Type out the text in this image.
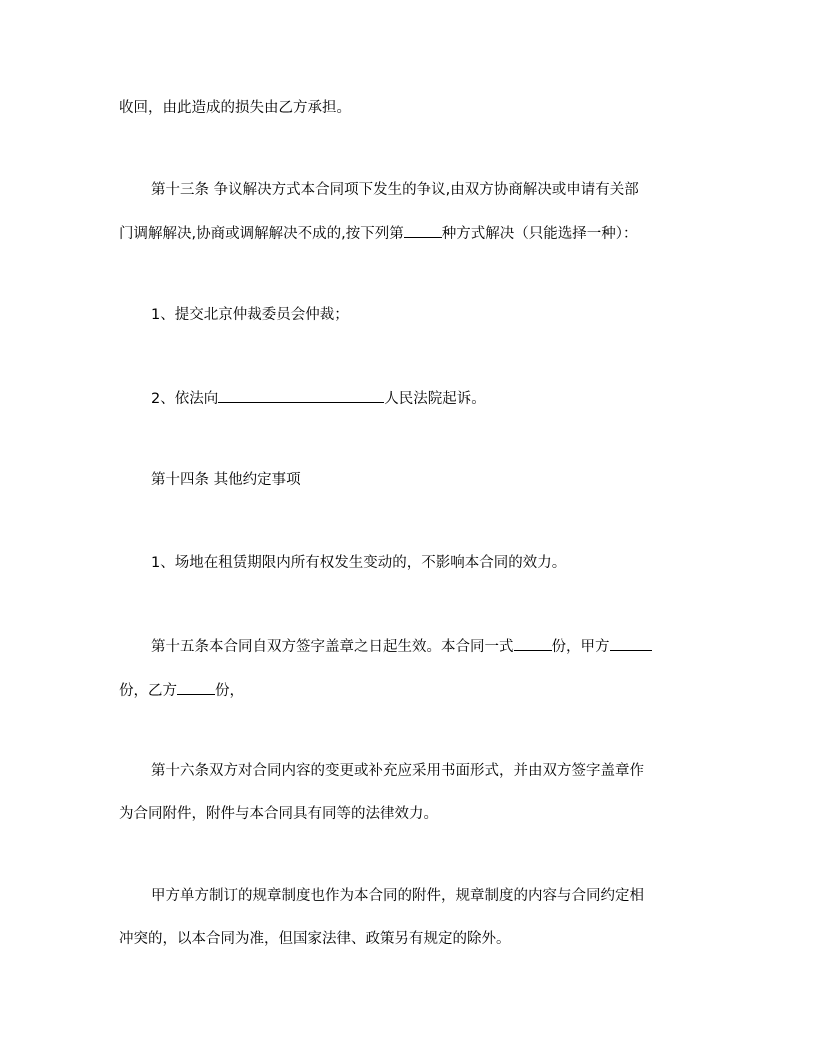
收回，由此造成的损失由乙方承担。
第十三条 争议解决方式本合同项下发生的争议,由双方协商解决或申请有关部
门调解解决,协商或调解解决不成的,按下列第	种方式解决（只能选择一种）：
1、提交北京仲裁委员会仲裁；
2、依法向	人民法院起诉。
第十四条 其他约定事项
1、场地在租赁期限内所有权发生变动的，不影响本合同的效力。
第十五条本合同自双方签字盖章之日起生效。本合同一式	份，甲方
份，乙方	份，
第十六条双方对合同内容的变更或补充应采用书面形式，并由双方签字盖章作
为合同附件，附件与本合同具有同等的法律效力。
甲方单方制订的规章制度也作为本合同的附件，规章制度的内容与合同约定相
冲突的，以本合同为准，但国家法律、政策另有规定的除外。
